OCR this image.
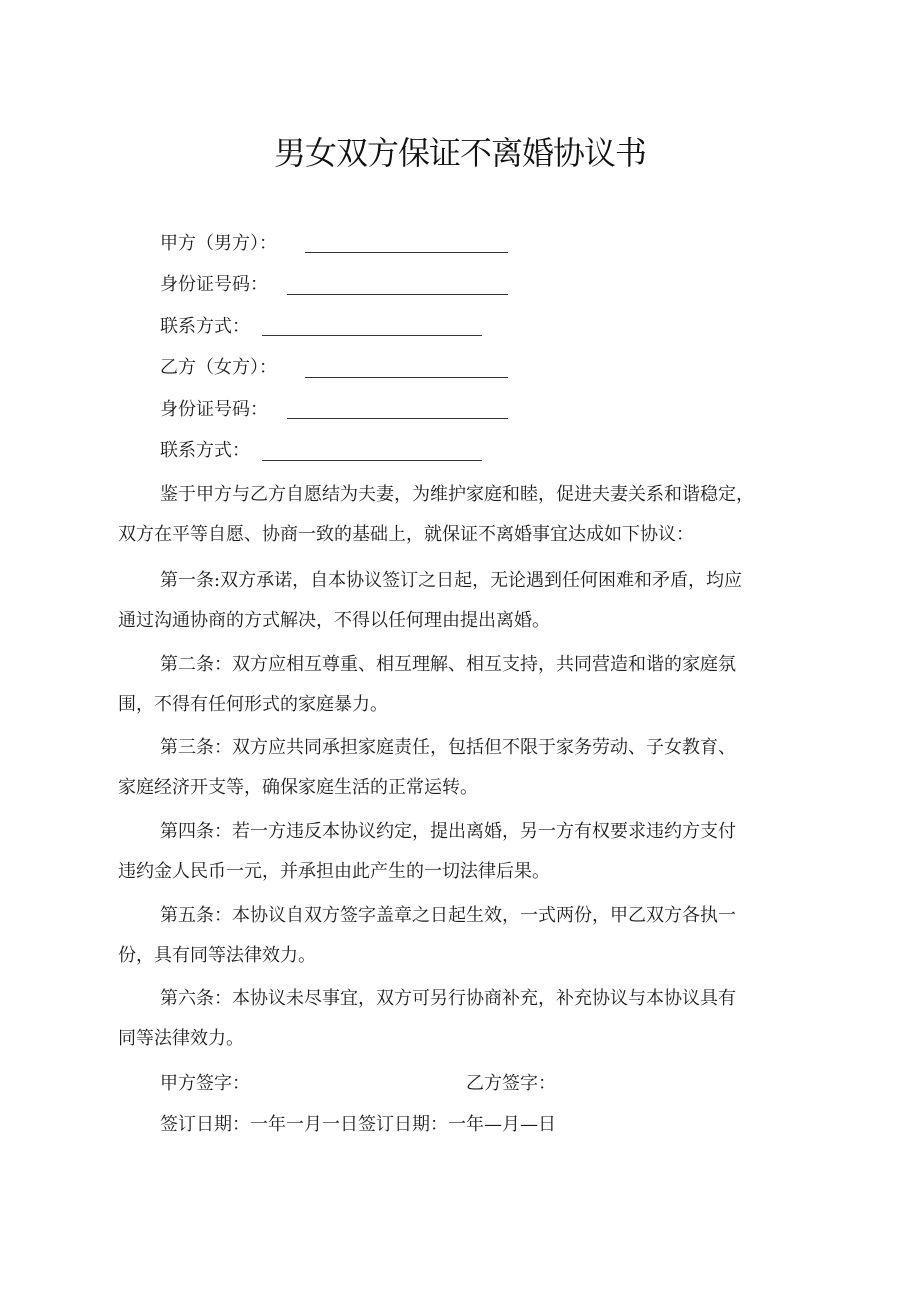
男女双方保证不离婚协议书
甲方（男方）：
身份证号码：
联系方式：
乙方（女方）：
身份证号码：
联系方式：
鉴于甲方与乙方自愿结为夫妻，为维护家庭和睦，促进夫妻关系和谐稳定，
双方在平等自愿、协商一致的基础上，就保证不离婚事宜达成如下协议：
第一条:双方承诺，自本协议签订之日起，无论遇到任何困难和矛盾，均应
通过沟通协商的方式解决，不得以任何理由提出离婚。
第二条：双方应相互尊重、相互理解、相互支持，共同营造和谐的家庭氛
围，不得有任何形式的家庭暴力。
第三条：双方应共同承担家庭责任，包括但不限于家务劳动、子女教育、
家庭经济开支等，确保家庭生活的正常运转。
第四条：若一方违反本协议约定，提出离婚，另一方有权要求违约方支付
违约金人民币一元，并承担由此产生的一切法律后果。
第五条：本协议自双方签字盖章之日起生效，一式两份，甲乙双方各执一
份，具有同等法律效力。
第六条：本协议未尽事宜，双方可另行协商补充，补充协议与本协议具有
同等法律效力。
甲方签字：	乙方签字：
签订日期：一年一月一日签订日期：一年—月—日
